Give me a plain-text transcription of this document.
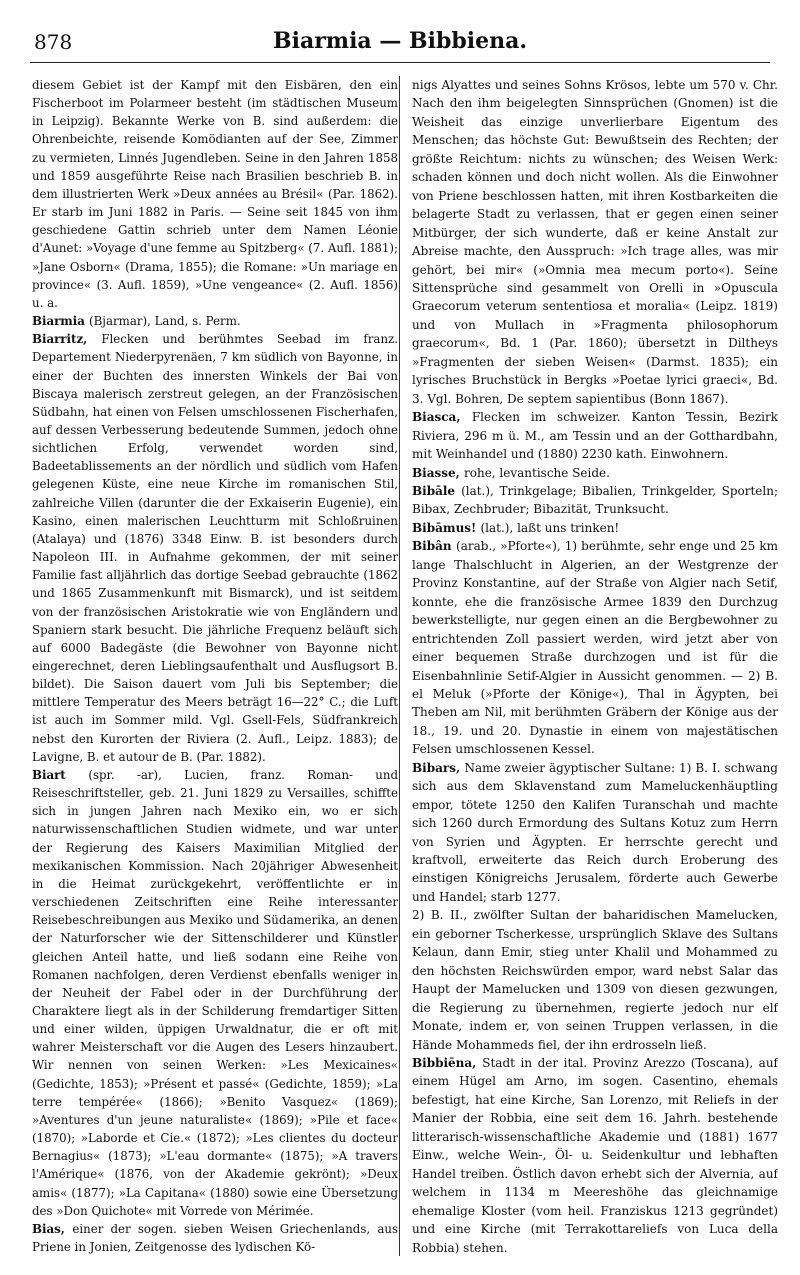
878	Biarmia — Bibbiena.

diesem Gebiet ist der Kampf mit den Eisbären, den ein Fischerboot im Polarmeer besteht (im städtischen Museum in Leipzig). Bekannte Werke von B. sind außerdem: die Ohrenbeichte, reisende Komödianten auf der See, Zimmer zu vermieten, Linnés Jugendleben. Seine in den Jahren 1858 und 1859 ausgeführte Reise nach Brasilien beschrieb B. in dem illustrierten Werk »Deux années au Brésil« (Par. 1862). Er starb im Juni 1882 in Paris. — Seine seit 1845 von ihm geschiedene Gattin schrieb unter dem Namen Léonie d'Aunet: »Voyage d'une femme au Spitzberg« (7. Aufl. 1881); »Jane Osborn« (Drama, 1855); die Romane: »Un mariage en province« (3. Aufl. 1859), »Une vengeance« (2. Aufl. 1856) u. a.

Biarmia (Bjarmar), Land, s. Perm.

Biarritz, Flecken und berühmtes Seebad im franz. Departement Niederpyrenäen, 7 km südlich von Bayonne, in einer der Buchten des innersten Winkels der Bai von Biscaya malerisch zerstreut gelegen, an der Französischen Südbahn, hat einen von Felsen umschlossenen Fischerhafen, auf dessen Verbesserung bedeutende Summen, jedoch ohne sichtlichen Erfolg, verwendet worden sind, Badeetablissements an der nördlich und südlich vom Hafen gelegenen Küste, eine neue Kirche im romanischen Stil, zahlreiche Villen (darunter die der Exkaiserin Eugenie), ein Kasino, einen malerischen Leuchtturm mit Schloßruinen (Atalaya) und (1876) 3348 Einw. B. ist besonders durch Napoleon III. in Aufnahme gekommen, der mit seiner Familie fast alljährlich das dortige Seebad gebrauchte (1862 und 1865 Zusammenkunft mit Bismarck), und ist seitdem von der französischen Aristokratie wie von Engländern und Spaniern stark besucht. Die jährliche Frequenz beläuft sich auf 6000 Badegäste (die Bewohner von Bayonne nicht eingerechnet, deren Lieblingsaufenthalt und Ausflugsort B. bildet). Die Saison dauert vom Juli bis September; die mittlere Temperatur des Meers beträgt 16—22° C.; die Luft ist auch im Sommer mild. Vgl. Gsell-Fels, Südfrankreich nebst den Kurorten der Riviera (2. Aufl., Leipz. 1883); de Lavigne, B. et autour de B. (Par. 1882).

Biart (spr. -ar), Lucien, franz. Roman- und Reiseschriftsteller, geb. 21. Juni 1829 zu Versailles, schiffte sich in jungen Jahren nach Mexiko ein, wo er sich naturwissenschaftlichen Studien widmete, und war unter der Regierung des Kaisers Maximilian Mitglied der mexikanischen Kommission. Nach 20jähriger Abwesenheit in die Heimat zurückgekehrt, veröffentlichte er in verschiedenen Zeitschriften eine Reihe interessanter Reisebeschreibungen aus Mexiko und Südamerika, an denen der Naturforscher wie der Sittenschilderer und Künstler gleichen Anteil hatte, und ließ sodann eine Reihe von Romanen nachfolgen, deren Verdienst ebenfalls weniger in der Neuheit der Fabel oder in der Durchführung der Charaktere liegt als in der Schilderung fremdartiger Sitten und einer wilden, üppigen Urwaldnatur, die er oft mit wahrer Meisterschaft vor die Augen des Lesers hinzaubert. Wir nennen von seinen Werken: »Les Mexicaines« (Gedichte, 1853); »Présent et passé« (Gedichte, 1859); »La terre tempérée« (1866); »Benito Vasquez« (1869); »Aventures d'un jeune naturaliste« (1869); »Pile et face« (1870); »Laborde et Cie.« (1872); »Les clientes du docteur Bernagius« (1873); »L'eau dormante« (1875); »A travers l'Amérique« (1876, von der Akademie gekrönt); »Deux amis« (1877); »La Capitana« (1880) sowie eine Übersetzung des »Don Quichote« mit Vorrede von Mérimée.

Bias, einer der sogen. sieben Weisen Griechenlands, aus Priene in Jonien, Zeitgenosse des lydischen Kö-

nigs Alyattes und seines Sohns Krösos, lebte um 570 v. Chr. Nach den ihm beigelegten Sinnsprüchen (Gnomen) ist die Weisheit das einzige unverlierbare Eigentum des Menschen; das höchste Gut: Bewußtsein des Rechten; der größte Reichtum: nichts zu wünschen; des Weisen Werk: schaden können und doch nicht wollen. Als die Einwohner von Priene beschlossen hatten, mit ihren Kostbarkeiten die belagerte Stadt zu verlassen, that er gegen einen seiner Mitbürger, der sich wunderte, daß er keine Anstalt zur Abreise machte, den Ausspruch: »Ich trage alles, was mir gehört, bei mir« (»Omnia mea mecum porto«). Seine Sittensprüche sind gesammelt von Orelli in »Opuscula Graecorum veterum sententiosa et moralia« (Leipz. 1819) und von Mullach in »Fragmenta philosophorum graecorum«, Bd. 1 (Par. 1860); übersetzt in Diltheys »Fragmenten der sieben Weisen« (Darmst. 1835); ein lyrisches Bruchstück in Bergks »Poetae lyrici graeci«, Bd. 3. Vgl. Bohren, De septem sapientibus (Bonn 1867).

Biasca, Flecken im schweizer. Kanton Tessin, Bezirk Riviera, 296 m ü. M., am Tessin und an der Gotthardbahn, mit Weinhandel und (1880) 2230 kath. Einwohnern.

Biasse, rohe, levantische Seide.

Bibāle (lat.), Trinkgelage; Bibalien, Trinkgelder, Sporteln; Bibax, Zechbruder; Bibazität, Trunksucht.

Bibāmus! (lat.), laßt uns trinken!

Bibân (arab., »Pforte«), 1) berühmte, sehr enge und 25 km lange Thalschlucht in Algerien, an der Westgrenze der Provinz Konstantine, auf der Straße von Algier nach Setif, konnte, ehe die französische Armee 1839 den Durchzug bewerkstelligte, nur gegen einen an die Bergbewohner zu entrichtenden Zoll passiert werden, wird jetzt aber von einer bequemen Straße durchzogen und ist für die Eisenbahnlinie Setif-Algier in Aussicht genommen. — 2) B. el Meluk (»Pforte der Könige«), Thal in Ägypten, bei Theben am Nil, mit berühmten Gräbern der Könige aus der 18., 19. und 20. Dynastie in einem von majestätischen Felsen umschlossenen Kessel.

Bibars, Name zweier ägyptischer Sultane: 1) B. I. schwang sich aus dem Sklavenstand zum Mameluckenhäuptling empor, tötete 1250 den Kalifen Turanschah und machte sich 1260 durch Ermordung des Sultans Kotuz zum Herrn von Syrien und Ägypten. Er herrschte gerecht und kraftvoll, erweiterte das Reich durch Eroberung des einstigen Königreichs Jerusalem, förderte auch Gewerbe und Handel; starb 1277.

2) B. II., zwölfter Sultan der baharidischen Mamelucken, ein geborner Tscherkesse, ursprünglich Sklave des Sultans Kelaun, dann Emir, stieg unter Khalil und Mohammed zu den höchsten Reichswürden empor, ward nebst Salar das Haupt der Mamelucken und 1309 von diesen gezwungen, die Regierung zu übernehmen, regierte jedoch nur elf Monate, indem er, von seinen Truppen verlassen, in die Hände Mohammeds fiel, der ihn erdrosseln ließ.

Bibbiēna, Stadt in der ital. Provinz Arezzo (Toscana), auf einem Hügel am Arno, im sogen. Casentino, ehemals befestigt, hat eine Kirche, San Lorenzo, mit Reliefs in der Manier der Robbia, eine seit dem 16. Jahrh. bestehende litterarisch-wissenschaftliche Akademie und (1881) 1677 Einw., welche Wein-, Öl- u. Seidenkultur und lebhaften Handel treiben. Östlich davon erhebt sich der Alvernia, auf welchem in 1134 m Meereshöhe das gleichnamige ehemalige Kloster (vom heil. Franziskus 1213 gegründet) und eine Kirche (mit Terrakottareliefs von Luca della Robbia) stehen.
